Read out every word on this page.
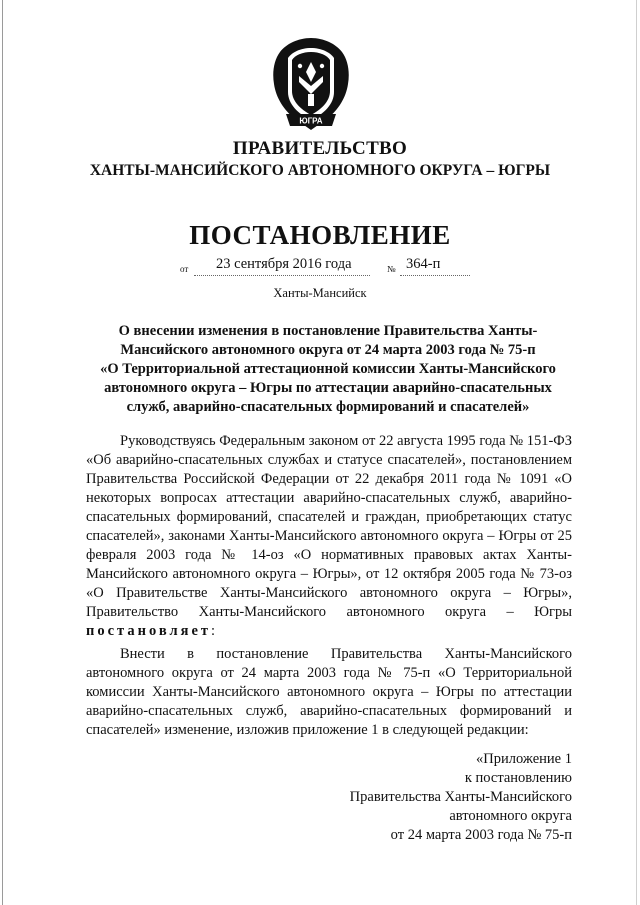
ЮГРА
ПРАВИТЕЛЬСТВО
ХАНТЫ-МАНСИЙСКОГО АВТОНОМНОГО ОКРУГА – ЮГРЫ
ПОСТАНОВЛЕНИЕ
от 23 сентября 2016 года	№ 364-п
Ханты-Мансийск
О внесении изменения в постановление Правительства Ханты-
Мансийского автономного округа от 24 марта 2003 года № 75-п
«О Территориальной аттестационной комиссии Ханты-Мансийского
автономного округа – Югры по аттестации аварийно-спасательных
служб, аварийно-спасательных формирований и спасателей»
Руководствуясь Федеральным законом от 22 августа 1995 года № 151-ФЗ «Об аварийно-спасательных службах и статусе спасателей», постановлением Правительства Российской Федерации от 22 декабря 2011 года № 1091 «О некоторых вопросах аттестации аварийно-спасательных служб, аварийно-спасательных формирований, спасателей и граждан, приобретающих статус спасателей», законами Ханты-Мансийского автономного округа – Югры от 25 февраля 2003 года № 14-оз «О нормативных правовых актах Ханты-Мансийского автономного округа – Югры», от 12 октября 2005 года № 73-оз «О Правительстве Ханты-Мансийского автономного округа – Югры», Правительство Ханты-Мансийского автономного округа – Югры постановляет:
Внести в постановление Правительства Ханты-Мансийского автономного округа от 24 марта 2003 года № 75-п «О Территориальной комиссии Ханты-Мансийского автономного округа – Югры по аттестации аварийно-спасательных служб, аварийно-спасательных формирований и спасателей» изменение, изложив приложение 1 в следующей редакции:
«Приложение 1
к постановлению
Правительства Ханты-Мансийского
автономного округа
от 24 марта 2003 года № 75-п
